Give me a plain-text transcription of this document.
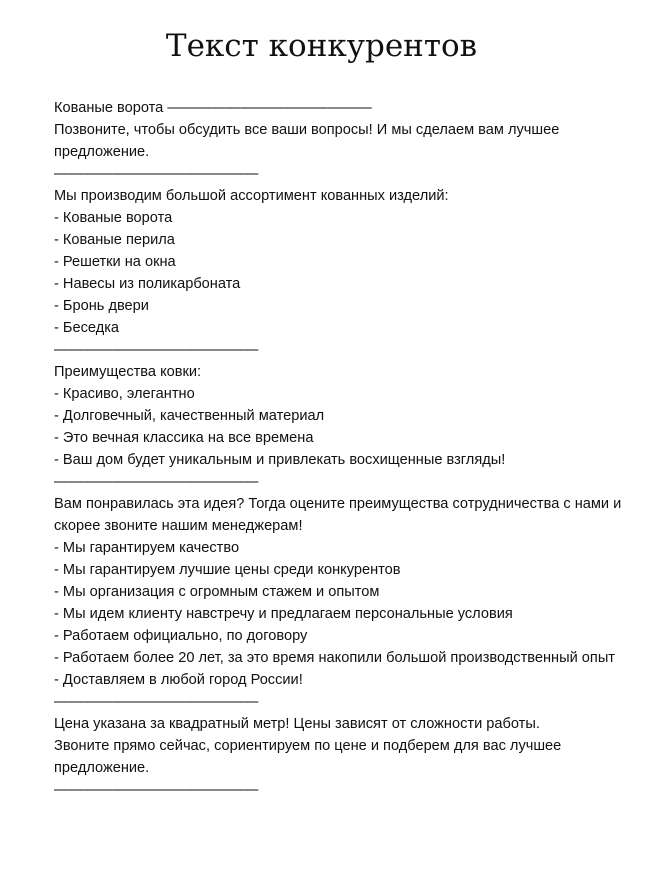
Текст конкурентов
Кованые ворота ——————————————
Позвоните, чтобы обсудить все ваши вопросы! И мы сделаем вам лучшее
предложение.
——————————————
Мы производим большой ассортимент кованных изделий:
- Кованые ворота
- Кованые перила
- Решетки на окна
- Навесы из поликарбоната
- Бронь двери
- Беседка
——————————————
Преимущества ковки:
- Красиво, элегантно
- Долговечный, качественный материал
- Это вечная классика на все времена
- Ваш дом будет уникальным и привлекать восхищенные взгляды!
——————————————
Вам понравилась эта идея? Тогда оцените преимущества сотрудничества с нами и
скорее звоните нашим менеджерам!
- Мы гарантируем качество
- Мы гарантируем лучшие цены среди конкурентов
- Мы организация с огромным стажем и опытом
- Мы идем клиенту навстречу и предлагаем персональные условия
- Работаем официально, по договору
- Работаем более 20 лет, за это время накопили большой производственный опыт
- Доставляем в любой город России!
——————————————
Цена указана за квадратный метр! Цены зависят от сложности работы.
Звоните прямо сейчас, сориентируем по цене и подберем для вас лучшее
предложение.
——————————————
